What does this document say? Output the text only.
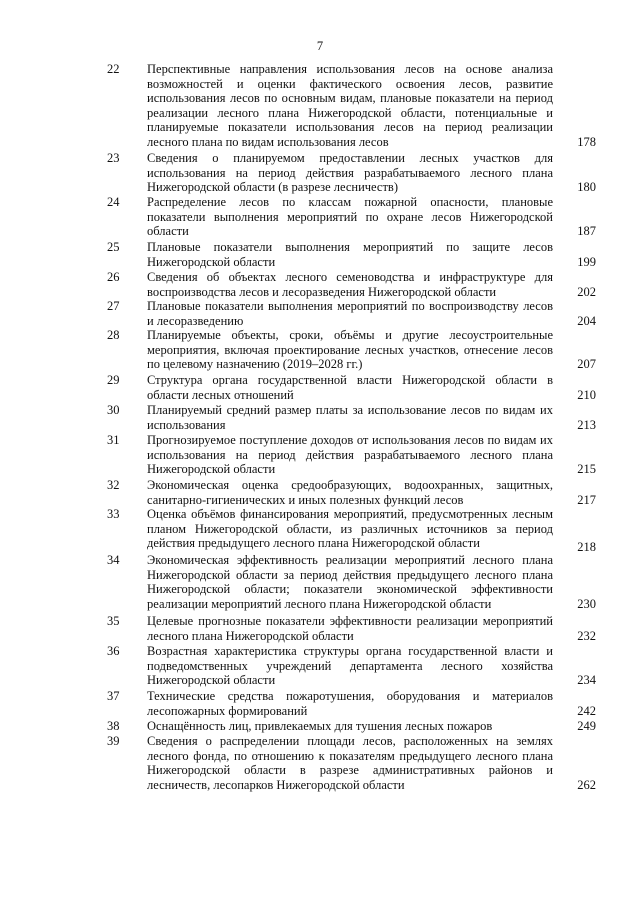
7
22	Перспективные направления использования лесов на основе анализа возможностей и оценки фактического освоения лесов, развитие использования лесов по основным видам, плановые показатели на период реализации лесного плана Нижегородской области, потенциальные и планируемые показатели использования лесов на период реализации лесного плана по видам использования лесов	178
23	Сведения о планируемом предоставлении лесных участков для использования на период действия разрабатываемого лесного плана Нижегородской области (в разрезе лесничеств)	180
24	Распределение лесов по классам пожарной опасности, плановые показатели выполнения мероприятий по охране лесов Нижегородской области	187
25	Плановые показатели выполнения мероприятий по защите лесов Нижегородской области	199
26	Сведения об объектах лесного семеноводства и инфраструктуре для воспроизводства лесов и лесоразведения Нижегородской области	202
27	Плановые показатели выполнения мероприятий по воспроизводству лесов и лесоразведению	204
28	Планируемые объекты, сроки, объёмы и другие лесоустроительные мероприятия, включая проектирование лесных участков, отнесение лесов по целевому назначению (2019–2028 гг.)	207
29	Структура органа государственной власти Нижегородской области в области лесных отношений	210
30	Планируемый средний размер платы за использование лесов по видам их использования	213
31	Прогнозируемое поступление доходов от использования лесов по видам их использования на период действия разрабатываемого лесного плана Нижегородской области	215
32	Экономическая оценка средообразующих, водоохранных, защитных, санитарно-гигиенических и иных полезных функций лесов	217
33	Оценка объёмов финансирования мероприятий, предусмотренных лесным планом Нижегородской области, из различных источников за период действия предыдущего лесного плана Нижегородской области	218
34	Экономическая эффективность реализации мероприятий лесного плана Нижегородской области за период действия предыдущего лесного плана Нижегородской области; показатели экономической эффективности реализации мероприятий лесного плана Нижегородской области	230
35	Целевые прогнозные показатели эффективности реализации мероприятий лесного плана Нижегородской области	232
36	Возрастная характеристика структуры органа государственной власти и подведомственных учреждений департамента лесного хозяйства Нижегородской области	234
37	Технические средства пожаротушения, оборудования и материалов лесопожарных формирований	242
38	Оснащённость лиц, привлекаемых для тушения лесных пожаров	249
39	Сведения о распределении площади лесов, расположенных на землях лесного фонда, по отношению к показателям предыдущего лесного плана Нижегородской области в разрезе административных районов и лесничеств, лесопарков Нижегородской области	262
